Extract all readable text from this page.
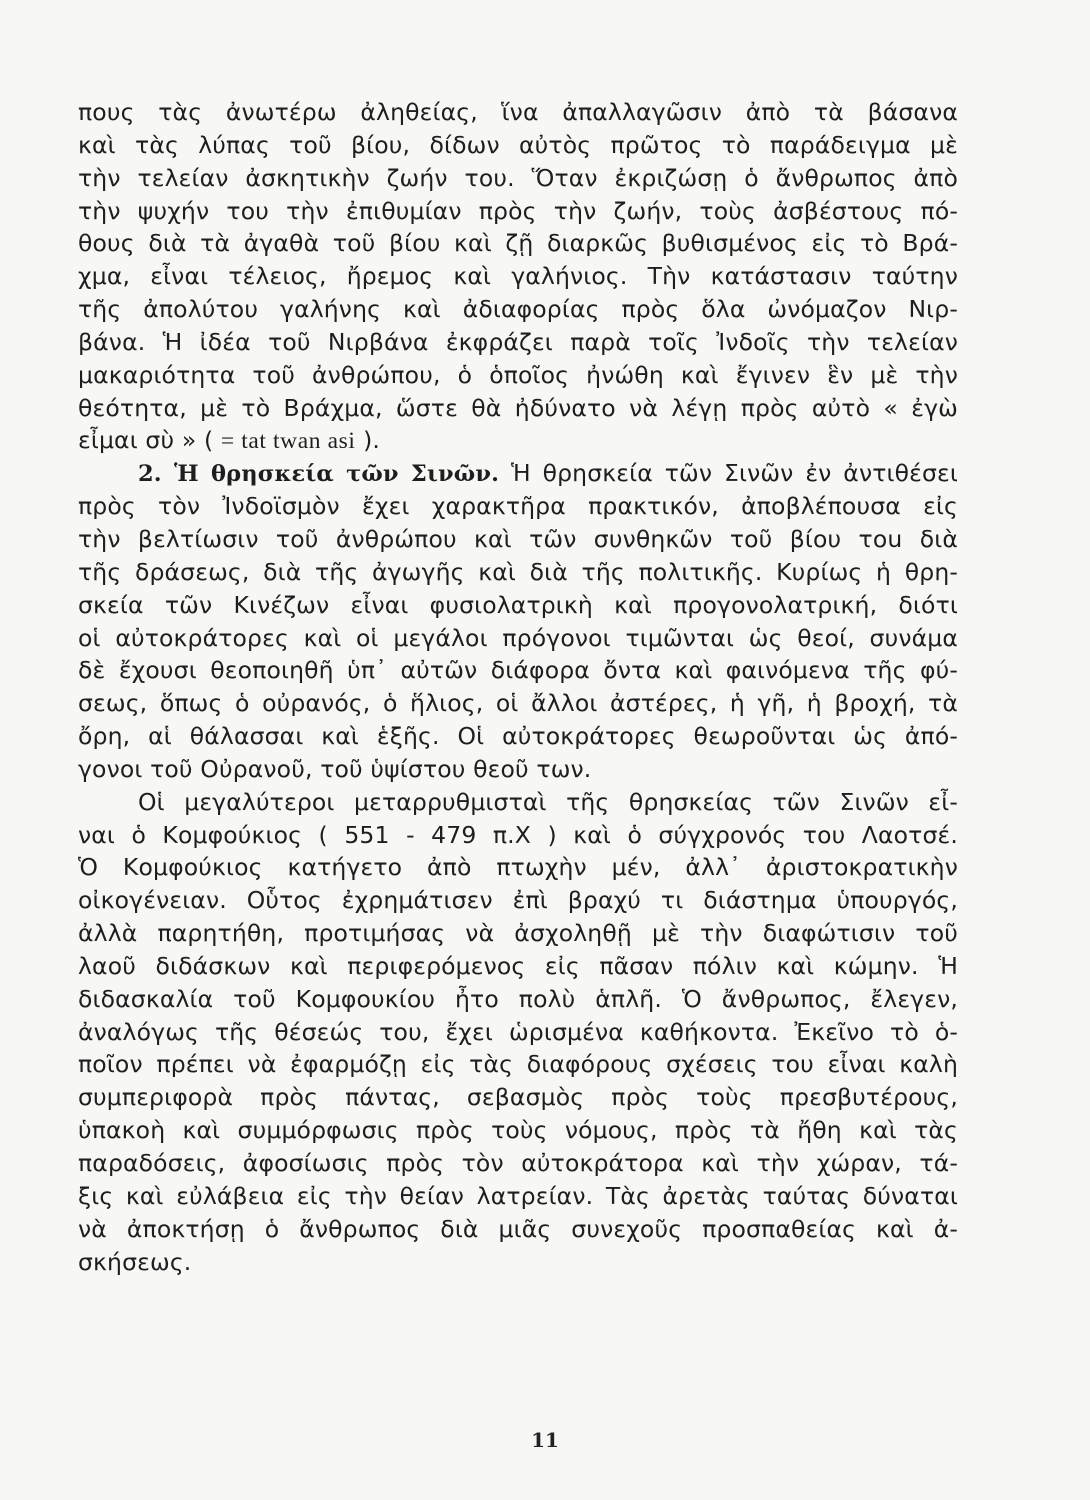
πους τὰς ἀνωτέρω ἀληθείας, ἵνα ἀπαλλαγῶσιν ἀπὸ τὰ βάσανα
καὶ τὰς λύπας τοῦ βίου, δίδων αὐτὸς πρῶτος τὸ παράδειγμα μὲ
τὴν τελείαν ἀσκητικὴν ζωήν του. Ὅταν ἐκριζώσῃ ὁ ἄνθρωπος ἀπὸ
τὴν ψυχήν του τὴν ἐπιθυμίαν πρὸς τὴν ζωήν, τοὺς ἀσβέστους πό-
θους διὰ τὰ ἀγαθὰ τοῦ βίου καὶ ζῇ διαρκῶς βυθισμένος εἰς τὸ Βρά-
χμα, εἶναι τέλειος, ἤρεμος καὶ γαλήνιος. Τὴν κατάστασιν ταύτην
τῆς ἀπολύτου γαλήνης καὶ ἀδιαφορίας πρὸς ὅλα ὠνόμαζον Νιρ-
βάνα. Ἡ ἰδέα τοῦ Νιρβάνα ἐκφράζει παρὰ τοῖς Ἰνδοῖς τὴν τελείαν
μακαριότητα τοῦ ἀνθρώπου, ὁ ὁποῖος ἠνώθη καὶ ἔγινεν ἓν μὲ τὴν
θεότητα, μὲ τὸ Βράχμα, ὥστε θὰ ἠδύνατο νὰ λέγῃ πρὸς αὐτὸ « ἐγὼ
εἶμαι σὺ » ( = tat twan asi ).
2. Ἡ θρησκεία τῶν Σινῶν. Ἡ θρησκεία τῶν Σινῶν ἐν ἀντιθέσει
πρὸς τὸν Ἰνδοϊσμὸν ἔχει χαρακτῆρα πρακτικόν, ἀποβλέπουσα εἰς
τὴν βελτίωσιν τοῦ ἀνθρώπου καὶ τῶν συνθηκῶν τοῦ βίου τοu διὰ
τῆς δράσεως, διὰ τῆς ἀγωγῆς καὶ διὰ τῆς πολιτικῆς. Κυρίως ἡ θρη-
σκεία τῶν Κινέζων εἶναι φυσιολατρικὴ καὶ προγονολατρική, διότι
οἱ αὐτοκράτορες καὶ οἱ μεγάλοι πρόγονοι τιμῶνται ὡς θεοί, συνάμα
δὲ ἔχουσι θεοποιηθῆ ὑπ᾿ αὐτῶν διάφορα ὄντα καὶ φαινόμενα τῆς φύ-
σεως, ὅπως ὁ οὐρανός, ὁ ἥλιος, οἱ ἄλλοι ἀστέρες, ἡ γῆ, ἡ βροχή, τὰ
ὄρη, αἱ θάλασσαι καὶ ἑξῆς. Οἱ αὐτοκράτορες θεωροῦνται ὡς ἀπό-
γονοι τοῦ Οὐρανοῦ, τοῦ ὑψίστου θεοῦ των.
Οἱ μεγαλύτεροι μεταρρυθμισταὶ τῆς θρησκείας τῶν Σινῶν εἶ-
ναι ὁ Κομφούκιος ( 551 - 479 π.Χ ) καὶ ὁ σύγχρονός του Λαοτσέ.
Ὁ Κομφούκιος κατήγετο ἀπὸ πτωχὴν μέν, ἀλλ᾿ ἀριστοκρατικὴν
οἰκογένειαν. Οὗτος ἐχρημάτισεν ἐπὶ βραχύ τι διάστημα ὑπουργός,
ἀλλὰ παρητήθη, προτιμήσας νὰ ἀσχοληθῇ μὲ τὴν διαφώτισιν τοῦ
λαοῦ διδάσκων καὶ περιφερόμενος εἰς πᾶσαν πόλιν καὶ κώμην. Ἡ
διδασκαλία τοῦ Κομφουκίου ἦτο πολὺ ἁπλῆ. Ὁ ἄνθρωπος, ἔλεγεν,
ἀναλόγως τῆς θέσεώς του, ἔχει ὡρισμένα καθήκοντα. Ἐκεῖνο τὸ ὁ-
ποῖον πρέπει νὰ ἐφαρμόζῃ εἰς τὰς διαφόρους σχέσεις του εἶναι καλὴ
συμπεριφορὰ πρὸς πάντας, σεβασμὸς πρὸς τοὺς πρεσβυτέρους,
ὑπακοὴ καὶ συμμόρφωσις πρὸς τοὺς νόμους, πρὸς τὰ ἤθη καὶ τὰς
παραδόσεις, ἀφοσίωσις πρὸς τὸν αὐτοκράτορα καὶ τὴν χώραν, τά-
ξις καὶ εὐλάβεια εἰς τὴν θείαν λατρείαν. Τὰς ἀρετὰς ταύτας δύναται
νὰ ἀποκτήσῃ ὁ ἄνθρωπος διὰ μιᾶς συνεχοῦς προσπαθείας καὶ ἀ-
σκήσεως.
11
